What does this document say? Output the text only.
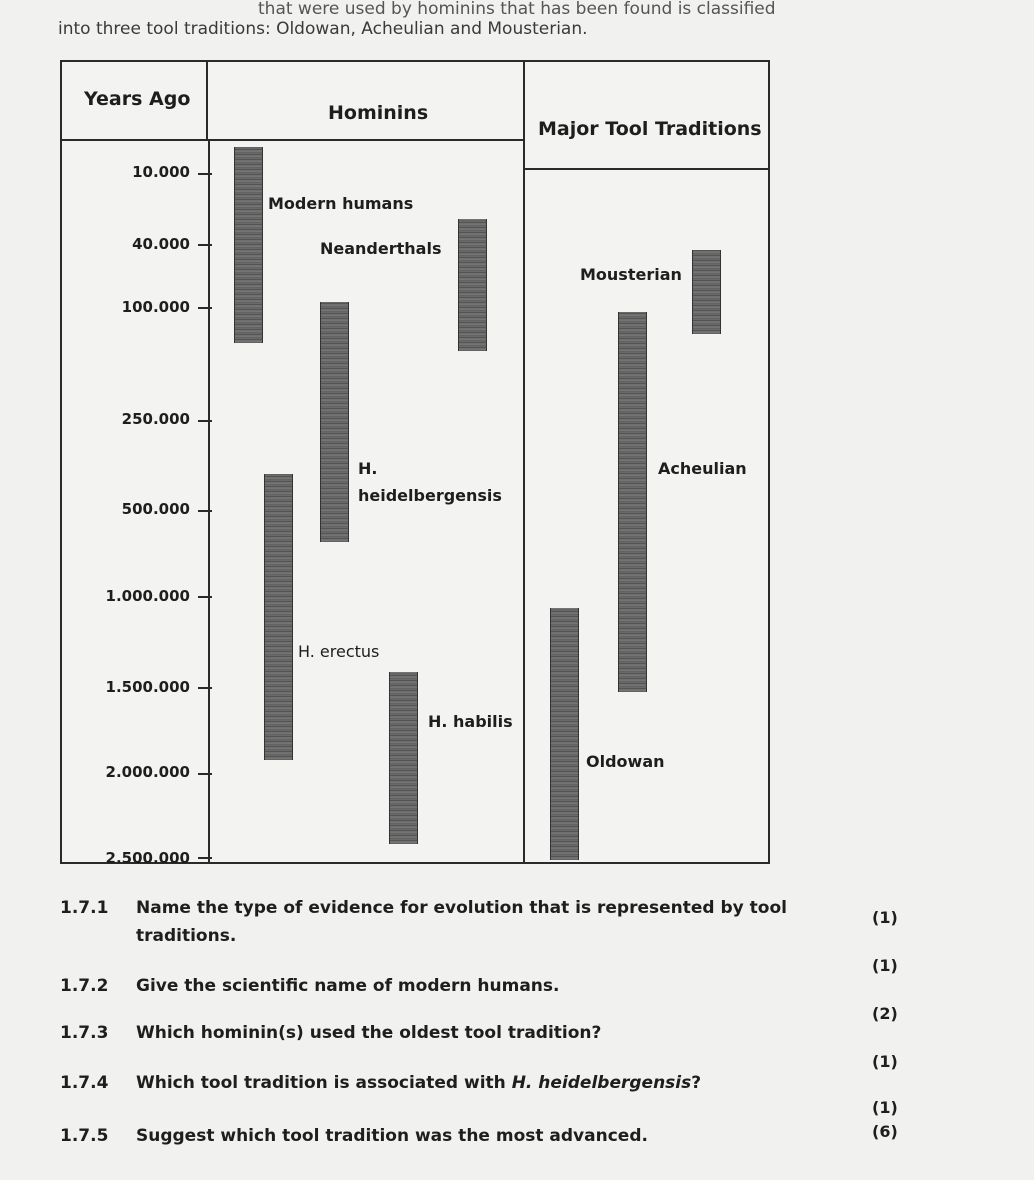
that were used by hominins that has been found is classified
into three tool traditions: Oldowan, Acheulian and Mousterian.
Years Ago
Hominins
Major Tool Traditions
10.000
40.000
100.000
250.000
500.000
1.000.000
1.500.000
2.000.000
2.500.000
Modern humans
Neanderthals
H.
heidelbergensis
H. erectus
H. habilis
Mousterian
Acheulian
Oldowan
1.7.1 Name the type of evidence for evolution that is represented by tool
traditions.
(1)
1.7.2 Give the scientific name of modern humans.
(1)
1.7.3 Which hominin(s) used the oldest tool tradition?
(2)
1.7.4 Which tool tradition is associated with H. heidelbergensis?
(1)
1.7.5 Suggest which tool tradition was the most advanced.
(1)
(6)
